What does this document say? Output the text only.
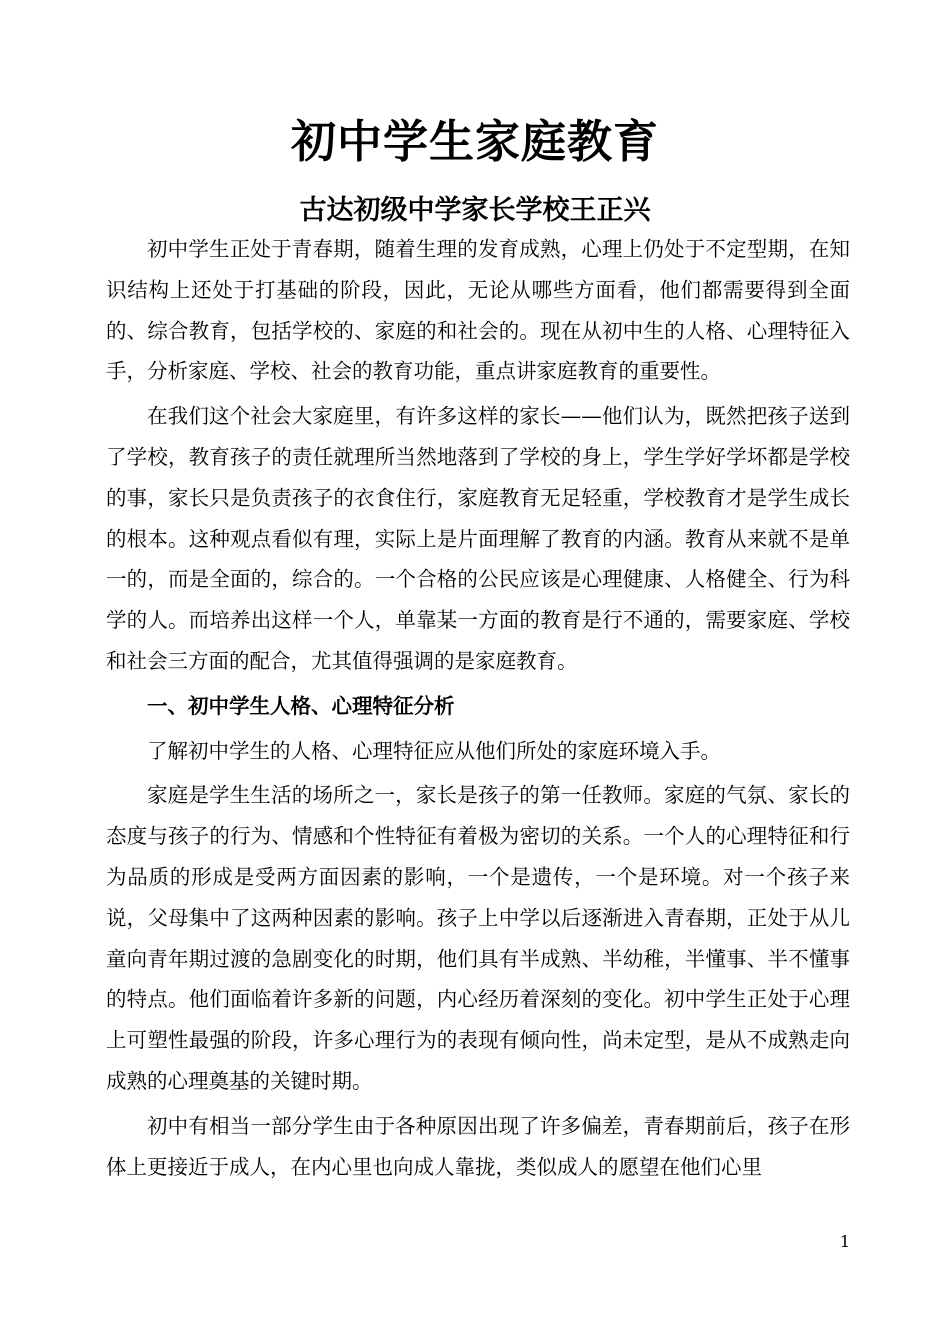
初中学生家庭教育
古达初级中学家长学校王正兴

初中学生正处于青春期，随着生理的发育成熟，心理上仍处于不定型期，在知识结构上还处于打基础的阶段，因此，无论从哪些方面看，他们都需要得到全面的、综合教育，包括学校的、家庭的和社会的。现在从初中生的人格、心理特征入手，分析家庭、学校、社会的教育功能，重点讲家庭教育的重要性。

在我们这个社会大家庭里，有许多这样的家长——他们认为，既然把孩子送到了学校，教育孩子的责任就理所当然地落到了学校的身上，学生学好学坏都是学校的事，家长只是负责孩子的衣食住行，家庭教育无足轻重，学校教育才是学生成长的根本。这种观点看似有理，实际上是片面理解了教育的内涵。教育从来就不是单一的，而是全面的，综合的。一个合格的公民应该是心理健康、人格健全、行为科学的人。而培养出这样一个人，单靠某一方面的教育是行不通的，需要家庭、学校和社会三方面的配合，尤其值得强调的是家庭教育。

一、初中学生人格、心理特征分析

了解初中学生的人格、心理特征应从他们所处的家庭环境入手。

家庭是学生生活的场所之一，家长是孩子的第一任教师。家庭的气氛、家长的态度与孩子的行为、情感和个性特征有着极为密切的关系。一个人的心理特征和行为品质的形成是受两方面因素的影响，一个是遗传，一个是环境。对一个孩子来说，父母集中了这两种因素的影响。孩子上中学以后逐渐进入青春期，正处于从儿童向青年期过渡的急剧变化的时期，他们具有半成熟、半幼稚，半懂事、半不懂事的特点。他们面临着许多新的问题，内心经历着深刻的变化。初中学生正处于心理上可塑性最强的阶段，许多心理行为的表现有倾向性，尚未定型，是从不成熟走向成熟的心理奠基的关键时期。

初中有相当一部分学生由于各种原因出现了许多偏差，青春期前后，孩子在形体上更接近于成人，在内心里也向成人靠拢，类似成人的愿望在他们心里

1
